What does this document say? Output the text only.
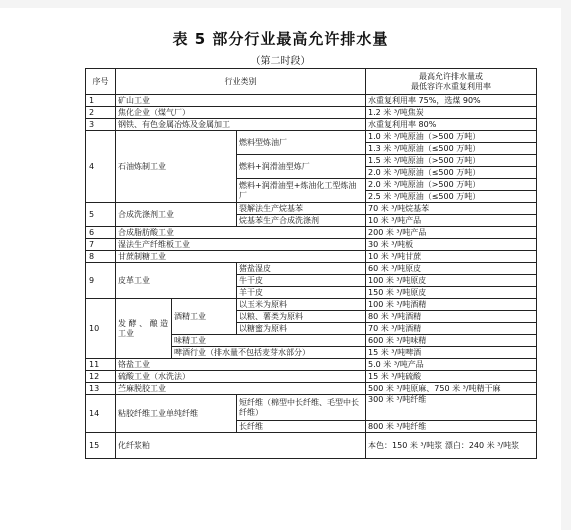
表 5 部分行业最高允许排水量
（第二时段）
序号	行业类别			最高允许排水量或
最低容许水重复利用率

1	矿山工业			水重复利用率 75%，选煤 90%
2	焦化企业（煤气厂）			1.2 米 ³/吨焦炭
3	钢铁、有色金属冶炼及金属加工			水重复利用率 80%
4	石油炼制工业		燃料型炼油厂	1.0 米 ³/吨原油（>500 万吨）
				1.3 米 ³/吨原油（≤500 万吨）
			燃料+润滑油型炼厂	1.5 米 ³/吨原油（>500 万吨）
				2.0 米 ³/吨原油（≤500 万吨）
			燃料+润滑油型+炼油化工型炼油厂	2.0 米 ³/吨原油（>500 万吨）
				2.5 米 ³/吨原油（≤500 万吨）
5	合成洗涤剂工业		裂解法生产烷基苯	70 米 ³/吨烷基苯
			烷基苯生产合成洗涤剂	10 米 ³/吨产品
6	合成脂肪酸工业			200 米 ³/吨产品
7	湿法生产纤维板工业			30 米 ³/吨板
8	甘蔗制糖工业			10 米 ³/吨甘蔗
9	皮革工业		猪盐湿皮	60 米 ³/吨原皮
			牛干皮	100 米 ³/吨原皮
			羊干皮	150 米 ³/吨原皮
10	发 酵 、 酿 造工业	酒精工业	以玉米为原料	100 米 ³/吨酒精
			以粮、薯类为原料	80 米 ³/吨酒精
			以糖蜜为原料	70 米 ³/吨酒精
		味精工业		600 米 ³/吨味精
		啤酒行业（排水量不包括麦芽水部分）		15 米 ³/吨啤酒
11	铬盐工业			5.0 米 ³/吨产品
12	硫酸工业（水洗法）			15 米 ³/吨硫酸
13	苎麻脱胶工业			500 米 ³/吨原麻、750 米 ³/吨精干麻
14	粘胶纤维工业单纯纤维		短纤维（棉型中长纤维、毛型中长纤维）	300 米 ³/吨纤维
			长纤维	800 米 ³/吨纤维
15	化纤浆粕			本色：150 米 ³/吨浆 漂白：240 米 ³/吨浆
